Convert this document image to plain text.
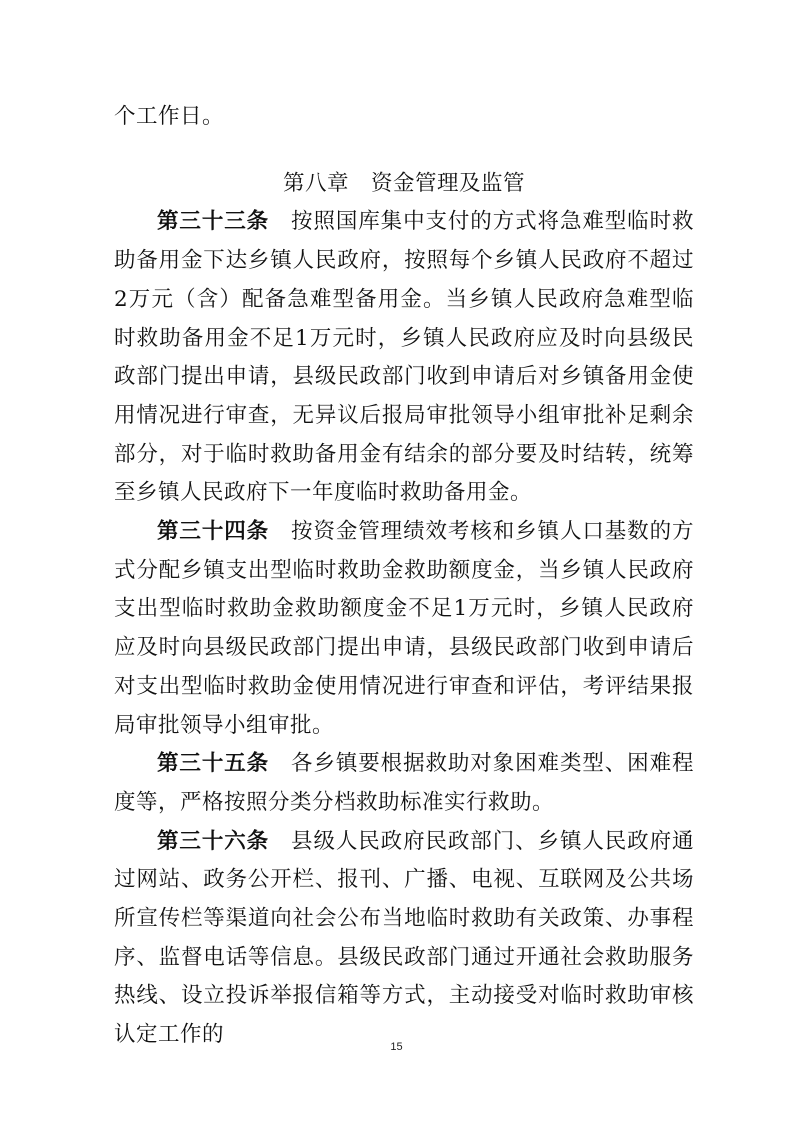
个工作日。

第八章 资金管理及监管

第三十三条 按照国库集中支付的方式将急难型临时救助备用金下达乡镇人民政府，按照每个乡镇人民政府不超过2万元（含）配备急难型备用金。当乡镇人民政府急难型临时救助备用金不足1万元时，乡镇人民政府应及时向县级民政部门提出申请，县级民政部门收到申请后对乡镇备用金使用情况进行审查，无异议后报局审批领导小组审批补足剩余部分，对于临时救助备用金有结余的部分要及时结转，统筹至乡镇人民政府下一年度临时救助备用金。

第三十四条 按资金管理绩效考核和乡镇人口基数的方式分配乡镇支出型临时救助金救助额度金，当乡镇人民政府支出型临时救助金救助额度金不足1万元时，乡镇人民政府应及时向县级民政部门提出申请，县级民政部门收到申请后对支出型临时救助金使用情况进行审查和评估，考评结果报局审批领导小组审批。

第三十五条 各乡镇要根据救助对象困难类型、困难程度等，严格按照分类分档救助标准实行救助。

第三十六条 县级人民政府民政部门、乡镇人民政府通过网站、政务公开栏、报刊、广播、电视、互联网及公共场所宣传栏等渠道向社会公布当地临时救助有关政策、办事程序、监督电话等信息。县级民政部门通过开通社会救助服务热线、设立投诉举报信箱等方式，主动接受对临时救助审核认定工作的	15
